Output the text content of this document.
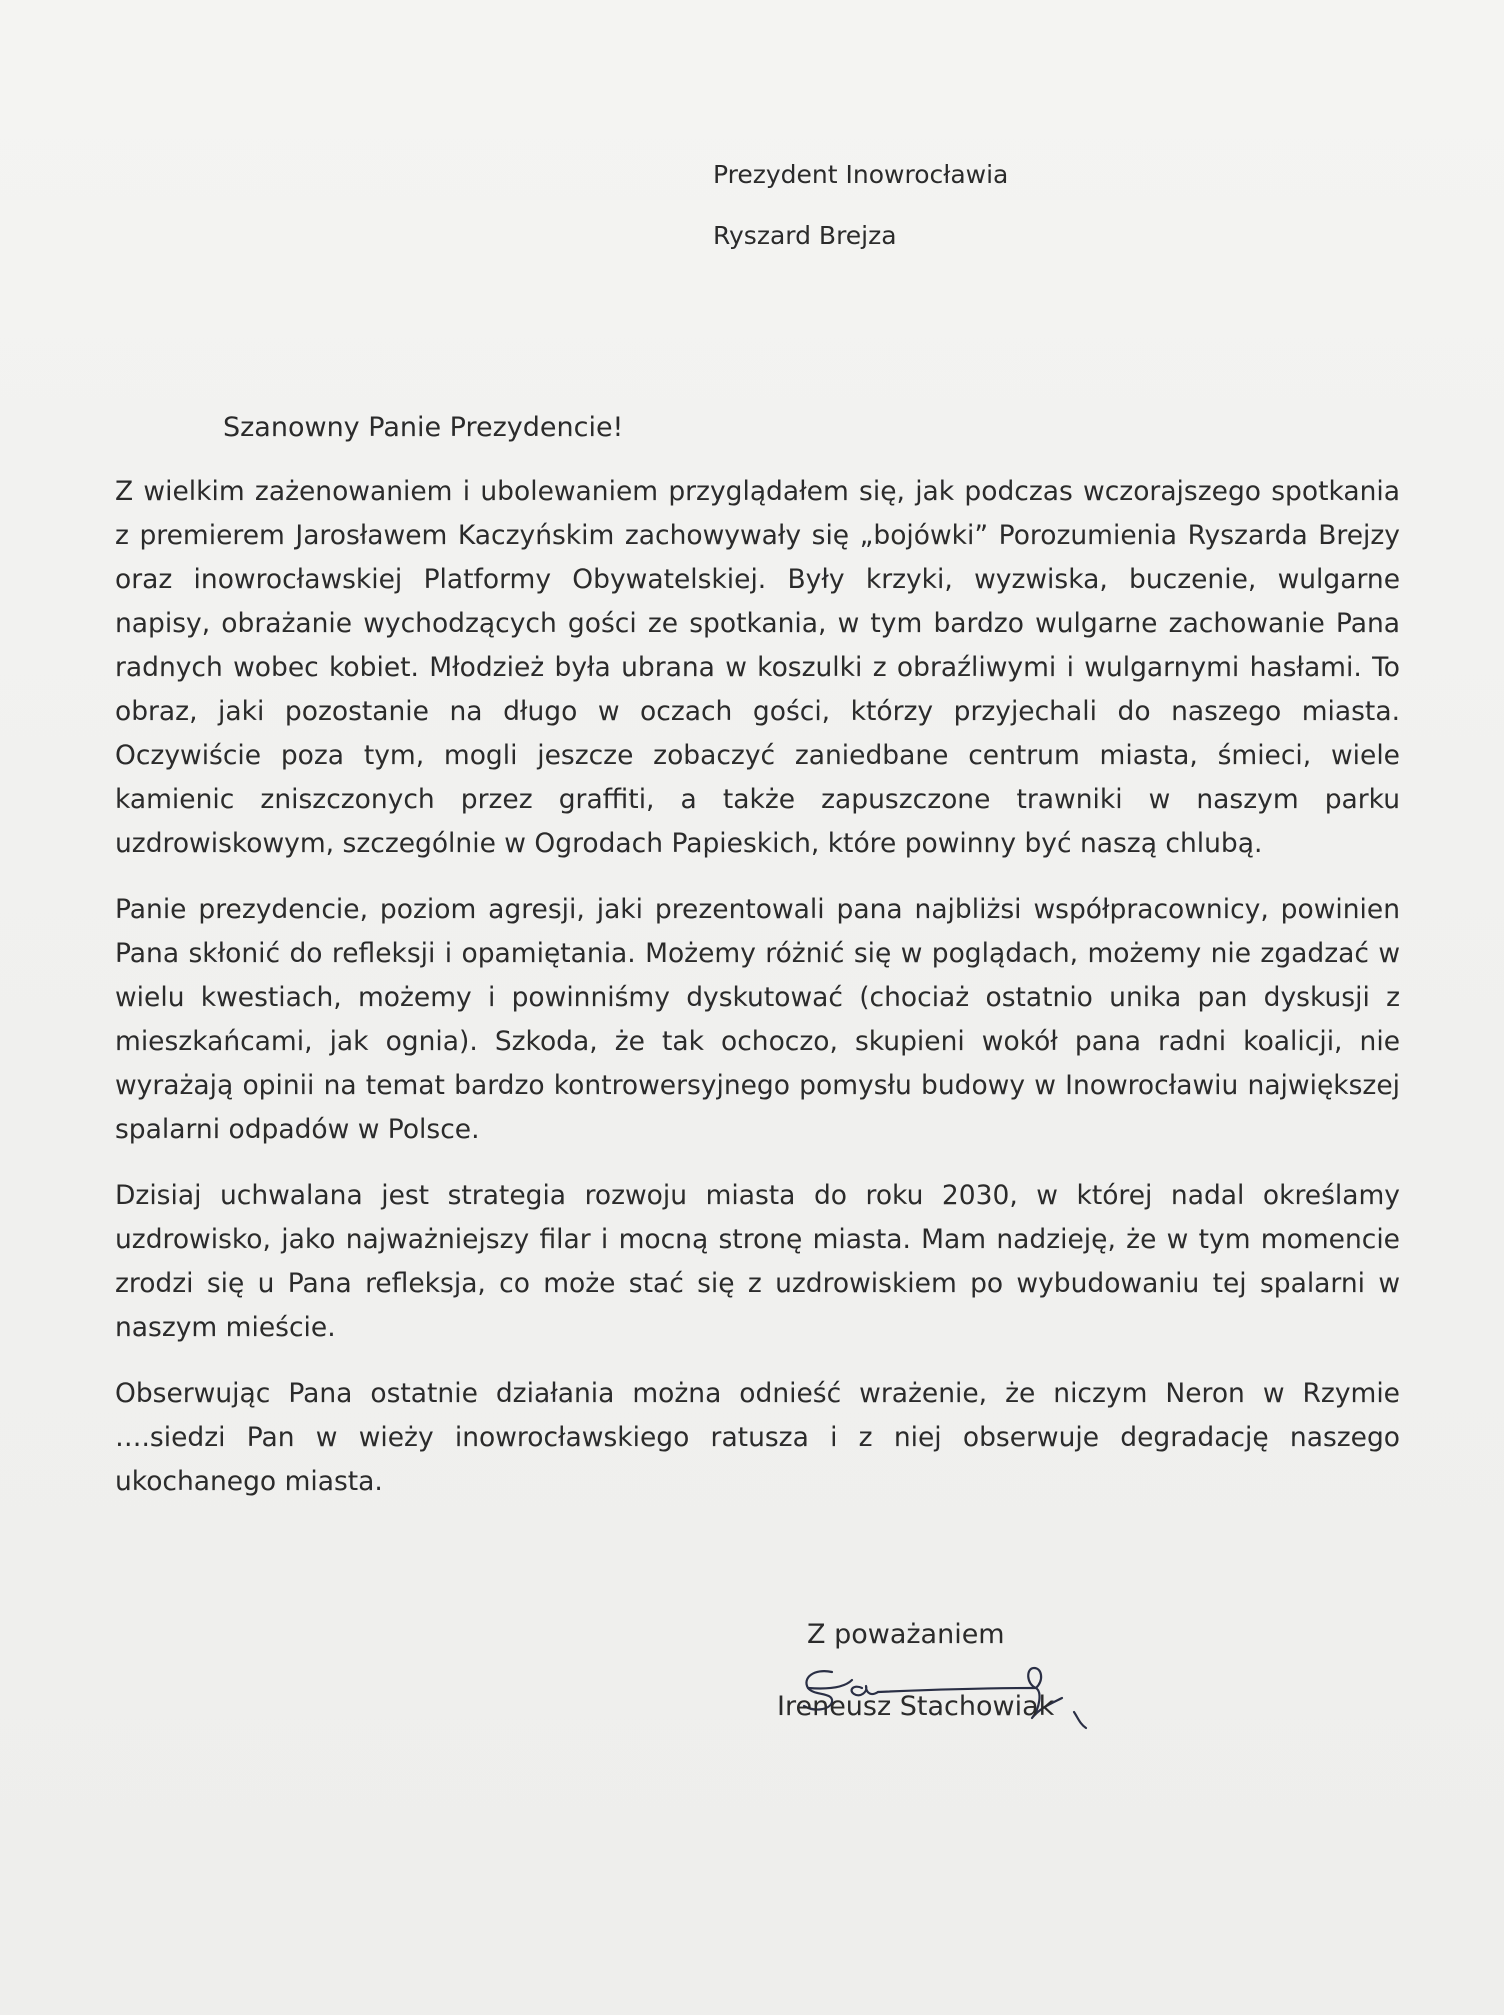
Prezydent Inowrocławia
Ryszard Brejza
Szanowny Panie Prezydencie!

Z wielkim zażenowaniem i ubolewaniem przyglądałem się, jak podczas wczorajszego spotkania z premierem Jarosławem Kaczyńskim zachowywały się „bojówki” Porozumienia Ryszarda Brejzy oraz inowrocławskiej Platformy Obywatelskiej. Były krzyki, wyzwiska, buczenie, wulgarne napisy, obrażanie wychodzących gości ze spotkania, w tym bardzo wulgarne zachowanie Pana radnych wobec kobiet. Młodzież była ubrana w koszulki z obraźliwymi i wulgarnymi hasłami. To obraz, jaki pozostanie na długo w oczach gości, którzy przyjechali do naszego miasta. Oczywiście poza tym, mogli jeszcze zobaczyć zaniedbane centrum miasta, śmieci, wiele kamienic zniszczonych przez graffiti, a także zapuszczone trawniki w naszym parku uzdrowiskowym, szczególnie w Ogrodach Papieskich, które powinny być naszą chlubą.

Panie prezydencie, poziom agresji, jaki prezentowali pana najbliżsi współpracownicy, powinien Pana skłonić do refleksji i opamiętania. Możemy różnić się w poglądach, możemy nie zgadzać w wielu kwestiach, możemy i powinniśmy dyskutować (chociaż ostatnio unika pan dyskusji z mieszkańcami, jak ognia). Szkoda, że tak ochoczo, skupieni wokół pana radni koalicji, nie wyrażają opinii na temat bardzo kontrowersyjnego pomysłu budowy w Inowrocławiu największej spalarni odpadów w Polsce.

Dzisiaj uchwalana jest strategia rozwoju miasta do roku 2030, w której nadal określamy uzdrowisko, jako najważniejszy filar i mocną stronę miasta. Mam nadzieję, że w tym momencie zrodzi się u Pana refleksja, co może stać się z uzdrowiskiem po wybudowaniu tej spalarni w naszym mieście.

Obserwując Pana ostatnie działania można odnieść wrażenie, że niczym Neron w Rzymie ….siedzi Pan w wieży inowrocławskiego ratusza i z niej obserwuje degradację naszego ukochanego miasta.

Z poważaniem
Ireneusz Stachowiak
